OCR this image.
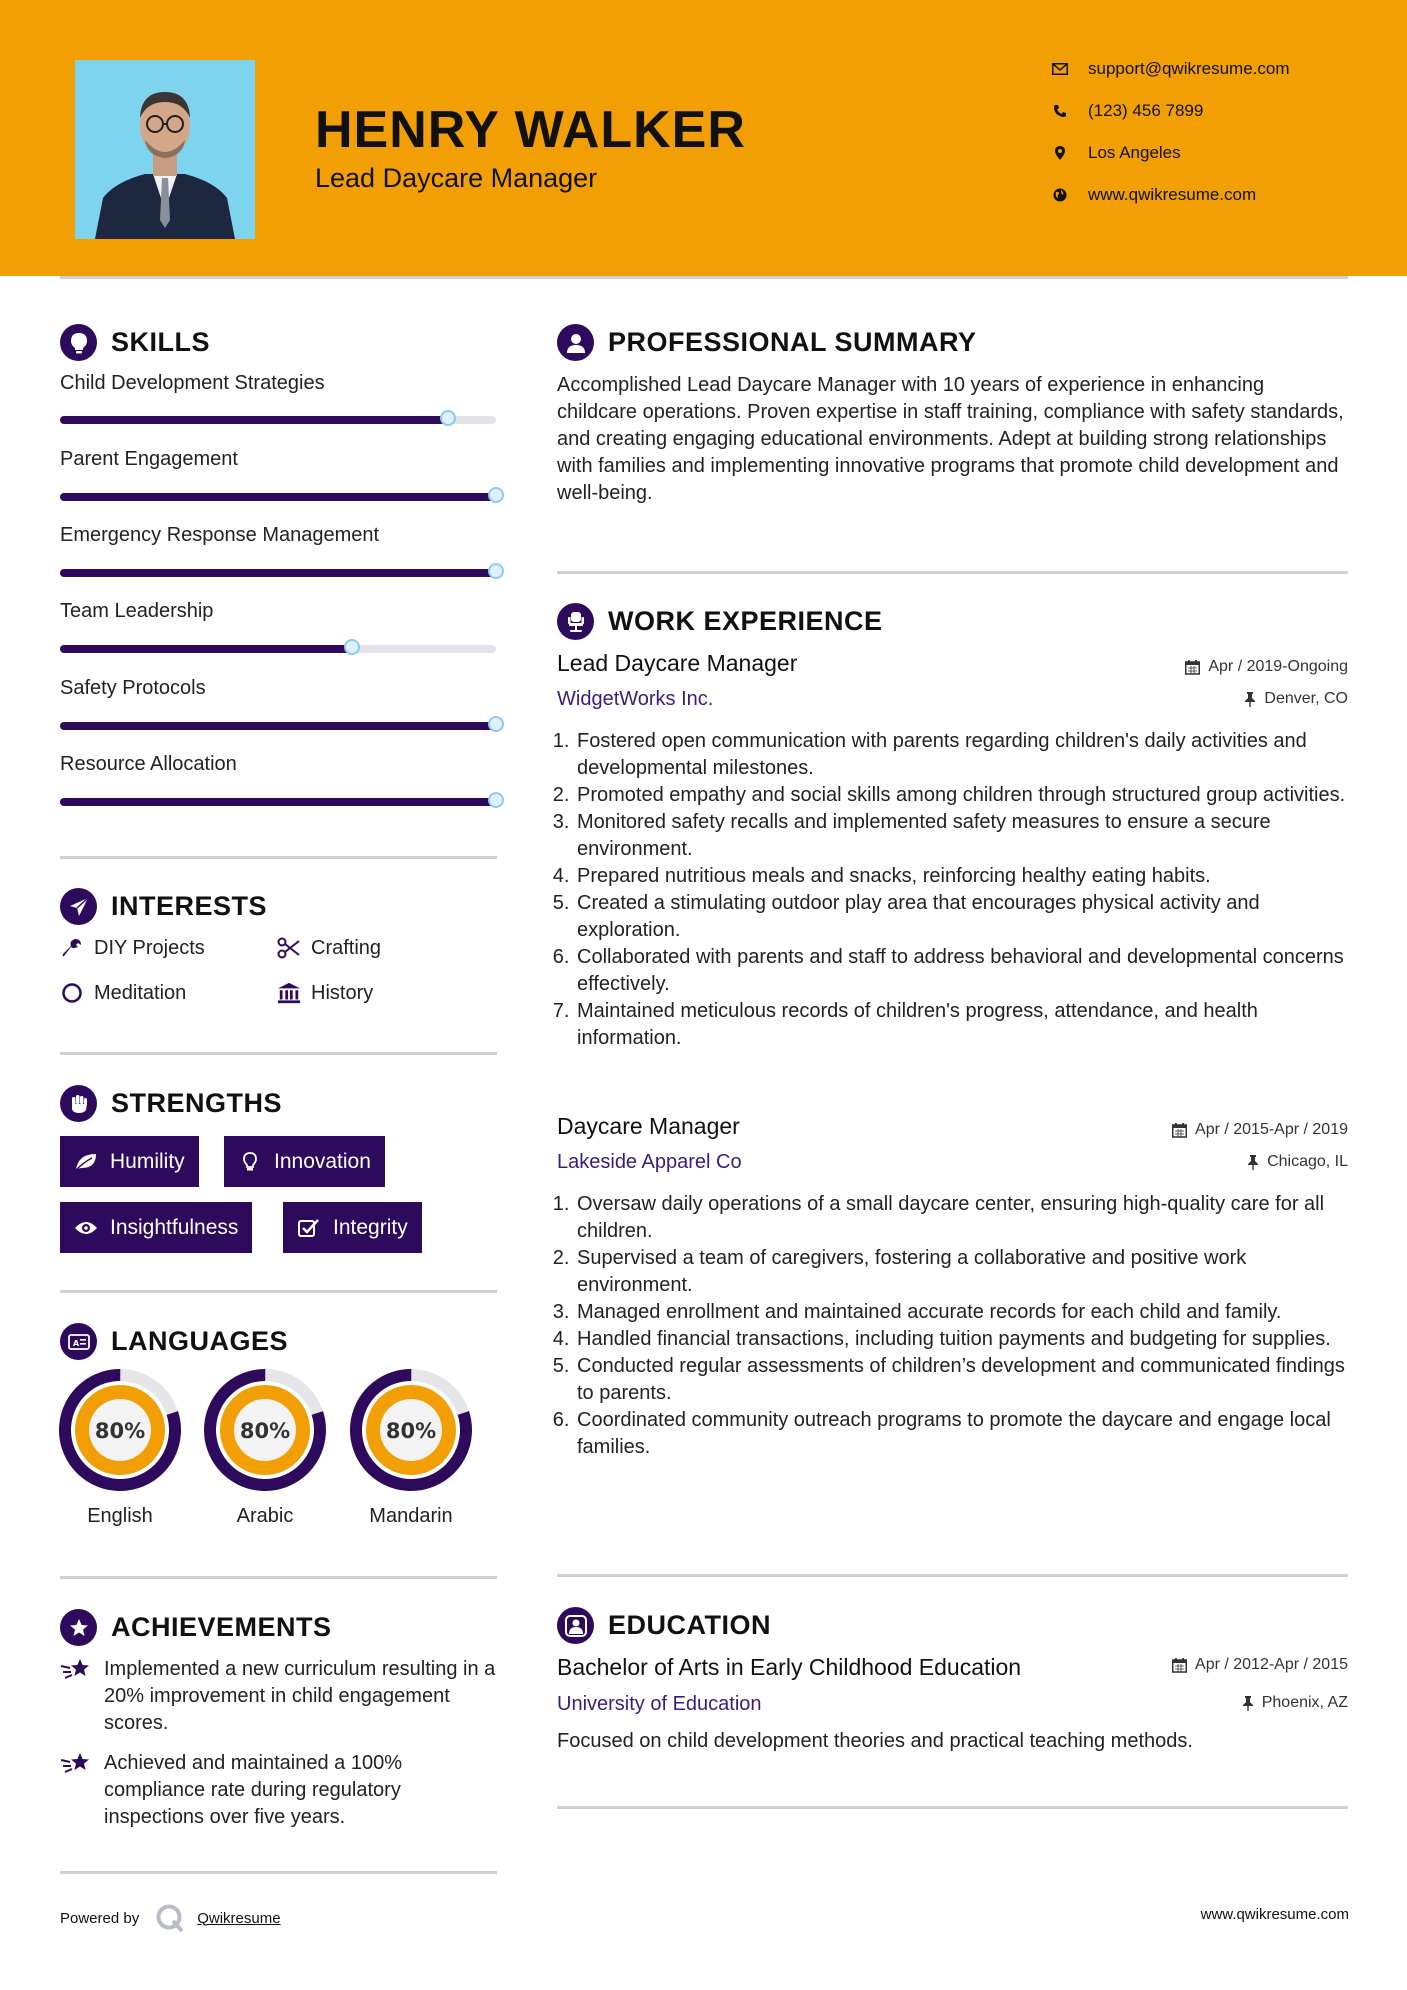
HENRY WALKER
Lead Daycare Manager
support@qwikresume.com
(123) 456 7899
Los Angeles
www.qwikresume.com
SKILLS
Child Development Strategies
Parent Engagement
Emergency Response Management
Team Leadership
Safety Protocols
Resource Allocation
INTERESTS
DIY Projects	Crafting
Meditation	History
STRENGTHS
Humility	Innovation
Insightfulness	Integrity
A LANGUAGES
80%
English
80%
Arabic
80%
Mandarin
ACHIEVEMENTS
Implemented a new curriculum resulting in a 20% improvement in child engagement scores.
Achieved and maintained a 100% compliance rate during regulatory inspections over five years.
PROFESSIONAL SUMMARY
Accomplished Lead Daycare Manager with 10 years of experience in enhancing childcare operations. Proven expertise in staff training, compliance with safety standards, and creating engaging educational environments. Adept at building strong relationships with families and implementing innovative programs that promote child development and well-being.
WORK EXPERIENCE
Lead Daycare Manager	Apr / 2019-Ongoing
WidgetWorks Inc.	Denver, CO
1. Fostered open communication with parents regarding children's daily activities and developmental milestones.
2. Promoted empathy and social skills among children through structured group activities.
3. Monitored safety recalls and implemented safety measures to ensure a secure environment.
4. Prepared nutritious meals and snacks, reinforcing healthy eating habits.
5. Created a stimulating outdoor play area that encourages physical activity and exploration.
6. Collaborated with parents and staff to address behavioral and developmental concerns effectively.
7. Maintained meticulous records of children's progress, attendance, and health information.
Daycare Manager	Apr / 2015-Apr / 2019
Lakeside Apparel Co	Chicago, IL
1. Oversaw daily operations of a small daycare center, ensuring high-quality care for all children.
2. Supervised a team of caregivers, fostering a collaborative and positive work environment.
3. Managed enrollment and maintained accurate records for each child and family.
4. Handled financial transactions, including tuition payments and budgeting for supplies.
5. Conducted regular assessments of children’s development and communicated findings to parents.
6. Coordinated community outreach programs to promote the daycare and engage local families.
EDUCATION
Bachelor of Arts in Early Childhood Education	Apr / 2012-Apr / 2015
University of Education	Phoenix, AZ
Focused on child development theories and practical teaching methods.
Powered by	Qwikresume	www.qwikresume.com
